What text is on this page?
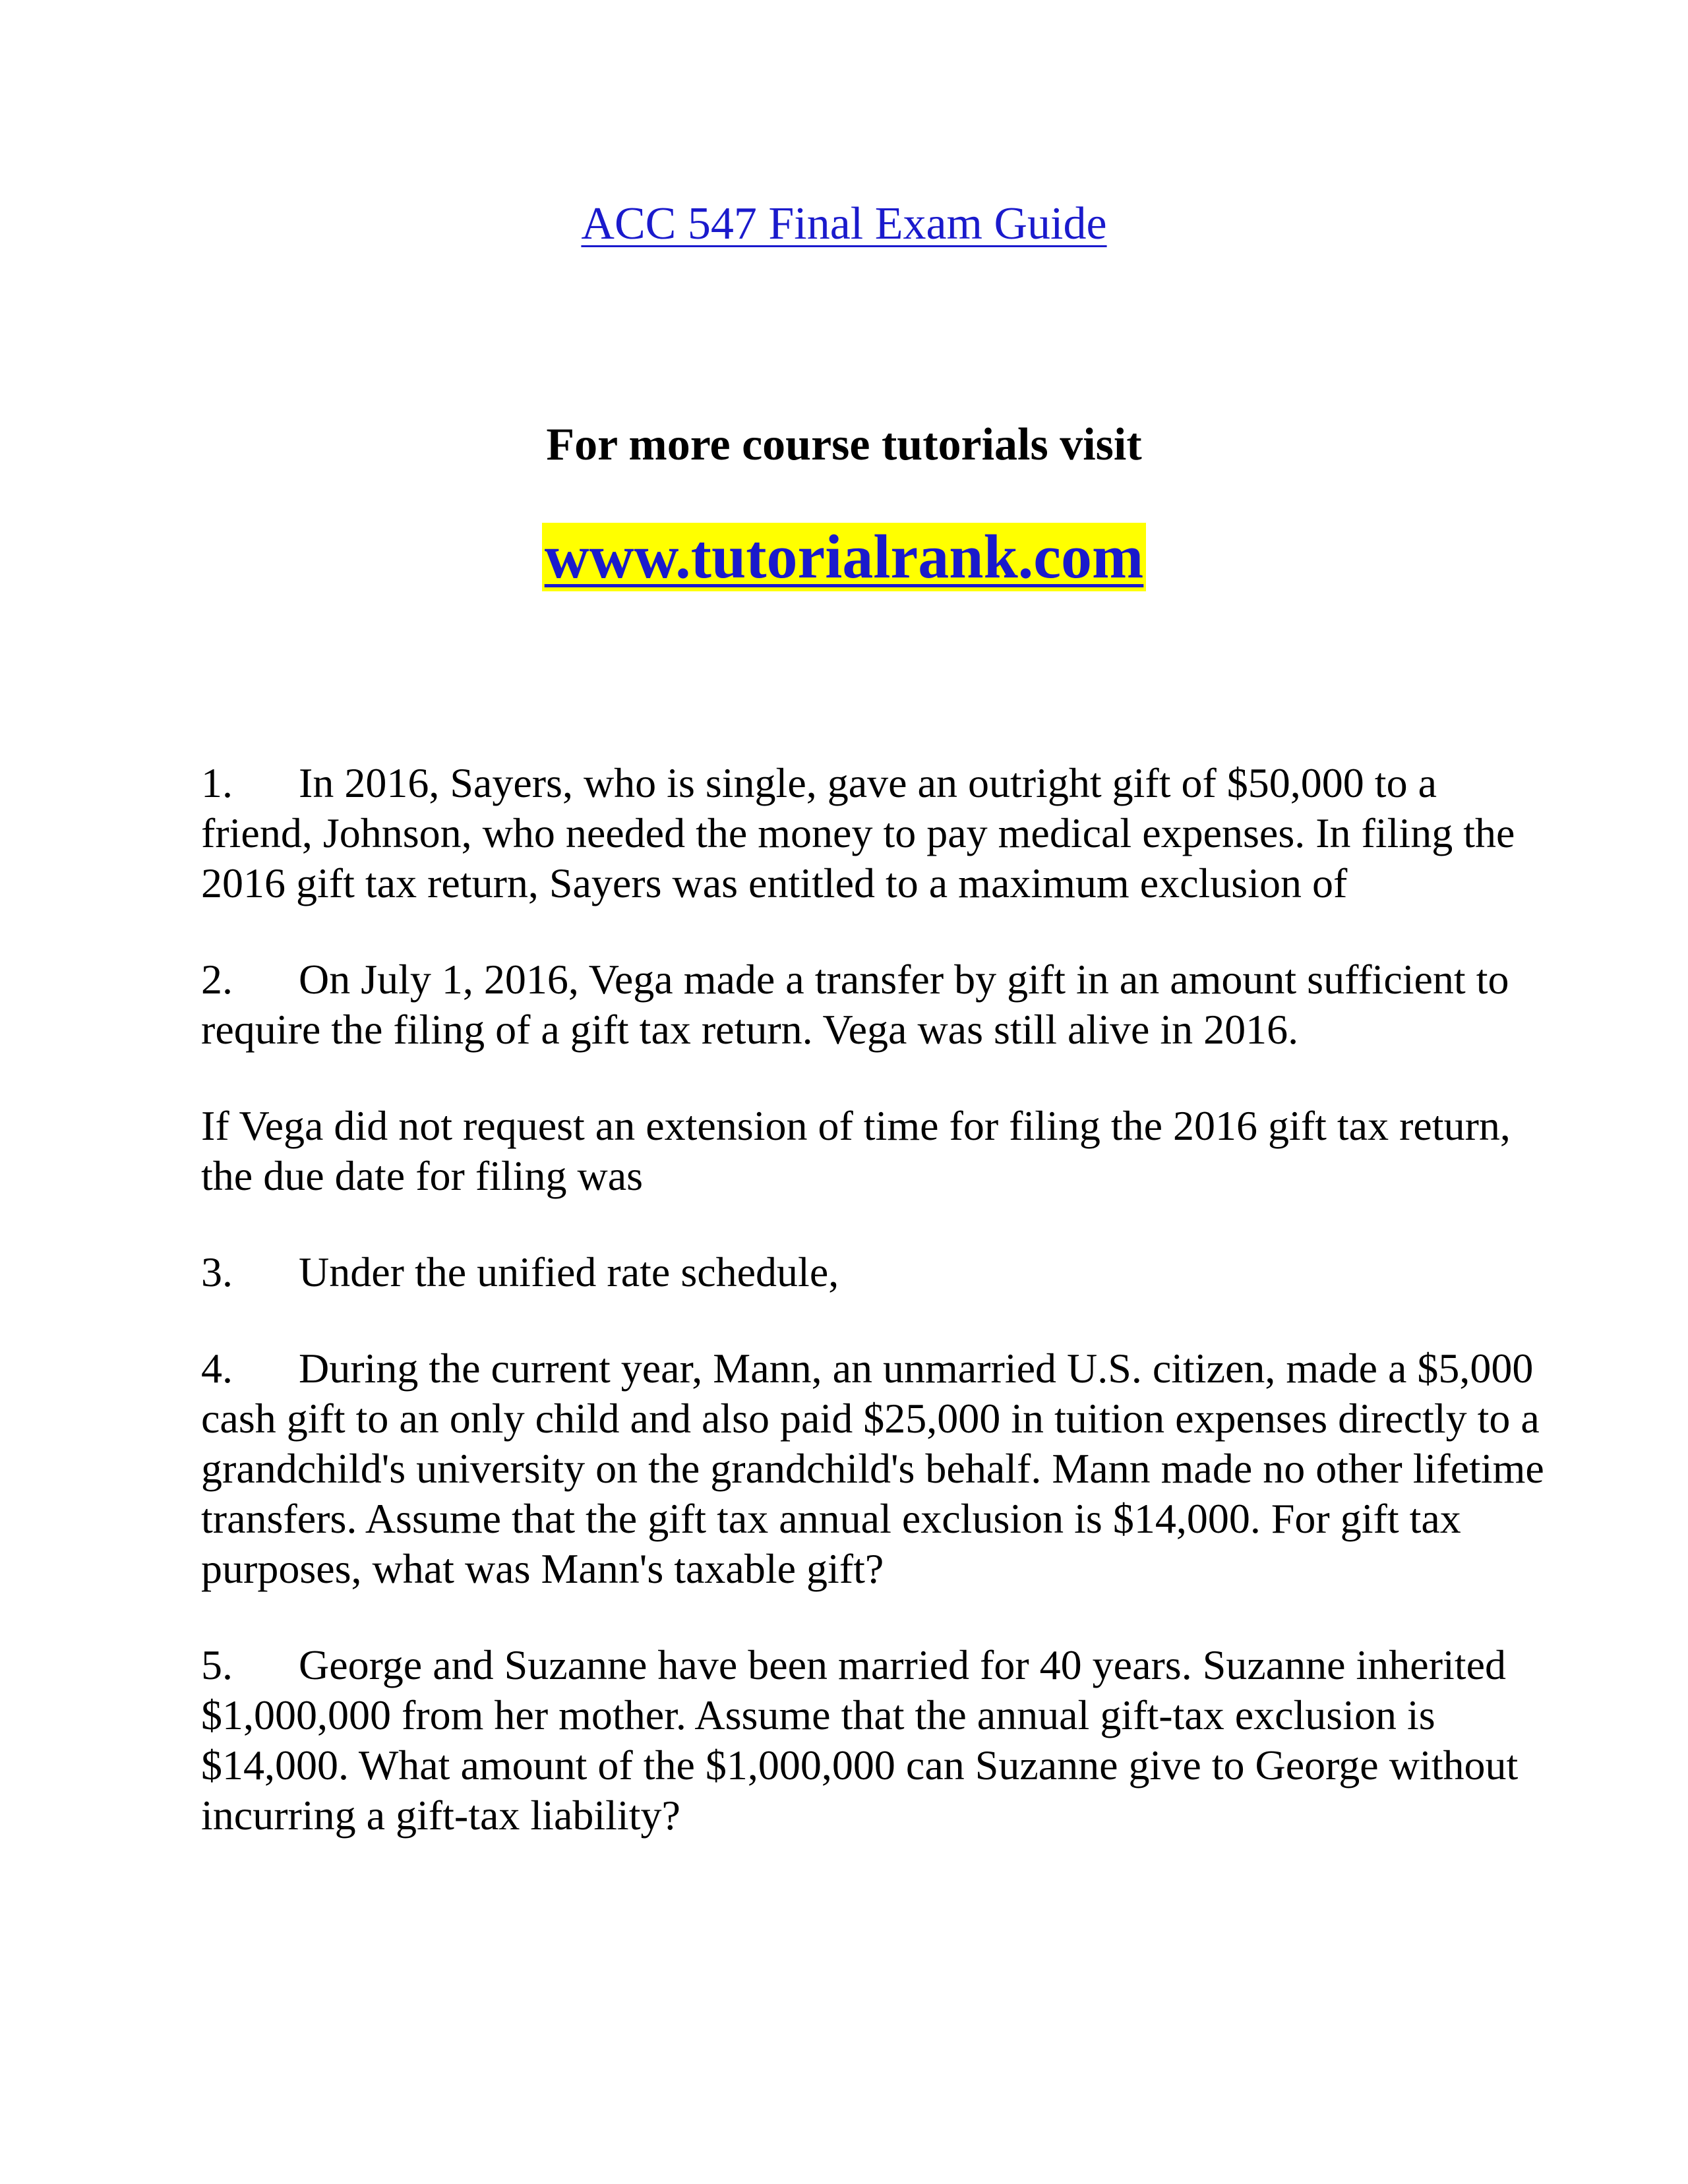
ACC 547 Final Exam Guide
For more course tutorials visit
www.tutorialrank.com
1. In 2016, Sayers, who is single, gave an outright gift of $50,000 to a friend, Johnson, who needed the money to pay medical expenses. In filing the 2016 gift tax return, Sayers was entitled to a maximum exclusion of
2. On July 1, 2016, Vega made a transfer by gift in an amount sufficient to require the filing of a gift tax return. Vega was still alive in 2016.
If Vega did not request an extension of time for filing the 2016 gift tax return, the due date for filing was
3. Under the unified rate schedule,
4. During the current year, Mann, an unmarried U.S. citizen, made a $5,000 cash gift to an only child and also paid $25,000 in tuition expenses directly to a grandchild's university on the grandchild's behalf. Mann made no other lifetime transfers. Assume that the gift tax annual exclusion is $14,000. For gift tax purposes, what was Mann's taxable gift?
5. George and Suzanne have been married for 40 years. Suzanne inherited $1,000,000 from her mother. Assume that the annual gift-tax exclusion is $14,000. What amount of the $1,000,000 can Suzanne give to George without incurring a gift-tax liability?
